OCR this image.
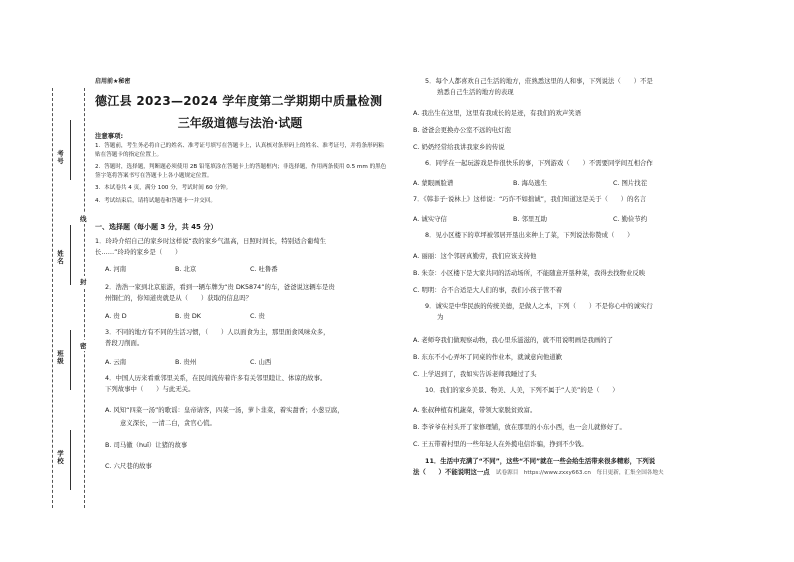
考号
姓名
班级
学校
线
封
密
启用前★秘密
德江县 2023—2024 学年度第二学期期中质量检测
三年级道德与法治·试题
注意事项:
1．答题前，考生务必将自己的姓名、准考证号填写在答题卡上，认真核对条形码上的姓名、准考证号，并将条形码粘贴在答题卡的指定位置上。
2．答题时，选择题，判断题必须使用 2B 铅笔填涂在答题卡上的答题框内；非选择题，作用两条使用 0.5 mm 的黑色签字笔将答案书写在答题卡上各小题规定位置。
3．本试卷共 4 页，满分 100 分，考试时间 60 分钟。
4．考试结束后，请将试题卷和答题卡一并交回。
一、选择题（每小题 3 分，共 45 分）
1．玲玲介绍自己的家乡时这样说“我的家乡气温高，日照时间长，特别适合葡萄生
长……”玲玲的家乡是（　　）
A. 河南	B. 北京	C. 吐鲁番
2．浩浩一家到北京旅游，看到一辆车牌为“贵 DK5874”的车，爸爸说这辆车是贵
州铜仁的，你知道贵就是从（　　）获取的信息吗？
A. 贵 D	B. 贵 DK	C. 贵
3．不同的地方有不同的生活习惯，（　　）人以面食为主，那里面食风味众多，
普段刀削面。
A. 云南	B. 贵州	C. 山西
4．中国人历来看重邻里关系，在民间流传着许多有关邻里睦让、体谅的故事。
下列故事中（　　）与此无关。
A. 风知“四菜一汤”的歌谣：皇帝请客，四菜一汤，萝卜韭菜，着实甜香；小葱豆腐，
意义深长，一清二白，贪官心慌。
B. 司马徽（huī）让猪的故事
C. 六尺巷的故事
5．每个人都喜欢自己生活的地方，莊熟悉这里的人和事，下列说法（　　）不是
熟悉自己生活的地方的表现
A. 我出生在这里，这里有我成长的足迹，有我们的欢声笑语
B. 爸爸会更换办公室不远的电灯泡
C. 奶奶经常给我讲我家乡的传说
6．同学在一起玩游戏是件很快乐的事，下列游戏（　　）不需要同学间互相合作
A. 蒙眼画脸谱	B. 海岛逃生	C. 图片找茬
7．《韩非子·说林上》这样说：“巧诈不如拙诚”，我们知道这是关于（　　）的名言
A. 诚实守信	B. 邻里互助	C. 勤俭节约
8．见小区楼下的草坪被邻居开垦出来种上了菜，下列说法你赞成（　　）
A. 丽丽：这个邻居真勤劳，我们应该支持他
B. 朱奈：小区楼下是大家共同的活动场所，不能随意开垦种菜，我得去找物业反映
C. 明明：合不合适是大人们的事，我们小孩子管不着
9．诚实是中华民族的传统美德，是做人之本，下列（　　）不是你心中的诚实行
为
A. 老师夸我们做观察动物，我心里乐滋滋的，就不用说明画是我画的了
B. 东东不小心弄坏了同桌的作业本，就诚意向他道歉
C. 上学迟到了，我如实告诉老师我睡过了头
10．我们的家乡美景、物美、人美，下列不属于“人美”的是（　　）
A. 张叔种植有机蔬菜，带领大家脱贫致富。
B. 李爷爷在村头开了家修理铺，放在那里的小东小西，也一会儿就修好了。
C. 王五带着村里的一些年轻人在外揽电信诈骗，挣到不少钱。
11．生活中充满了“不同”，这些“不同”就在一些会给生活带来很多精彩，下列说
法（　　）不能说明这一点 试卷源目　https://www.zxxy663.cn　每日更新，汇集全国各地夫
